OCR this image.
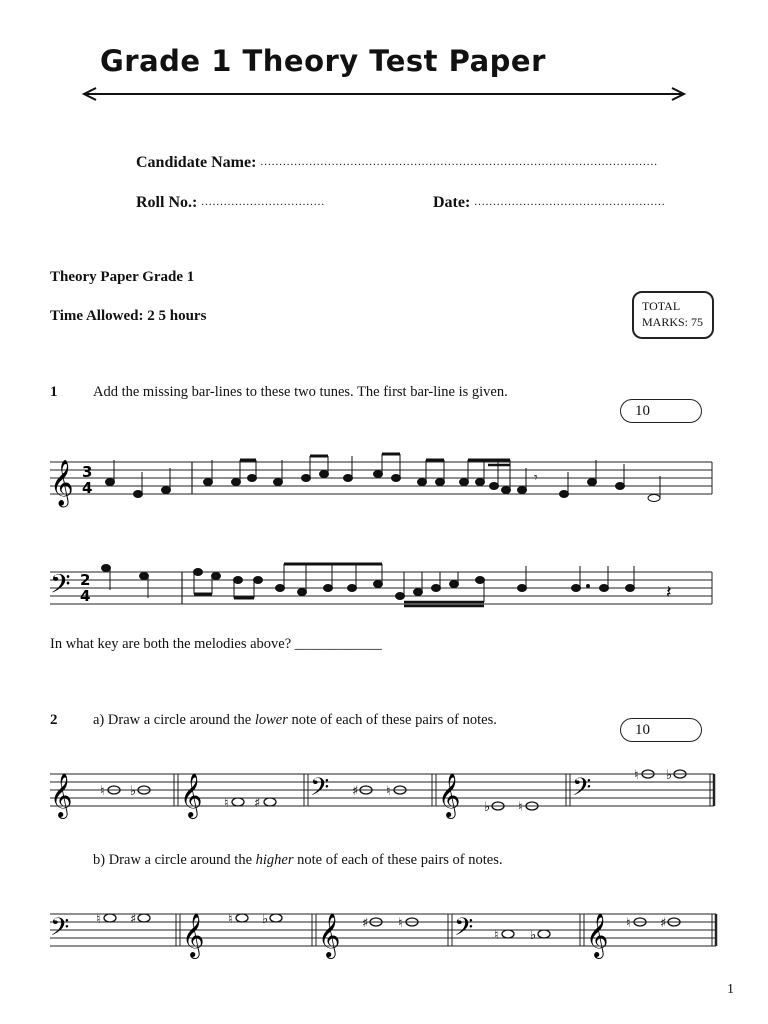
Grade 1 Theory Test Paper
Candidate Name: ..........................................................................................................
Roll No.: .................................	Date: ...................................................
Theory Paper Grade 1
Time Allowed: 2 5 hours
TOTAL
MARKS: 75
1 Add the missing bar-lines to these two tunes. The first bar-line is given.
10
𝄞 3
4
𝄾
𝄢 2
4	𝄽
In what key are both the melodies above? ____________
2 a) Draw a circle around the lower note of each of these pairs of notes.
10
𝄞	𝄞	𝄢	𝄞	𝄢
♮ ♭
♮ ♯
♯ ♮
♭ ♮
♮ ♭
b) Draw a circle around the higher note of each of these pairs of notes.
𝄢	𝄞	𝄞	𝄢	𝄞
♮ ♯	♮ ♭	♯ ♮
♮ ♭
♮ ♯
1
